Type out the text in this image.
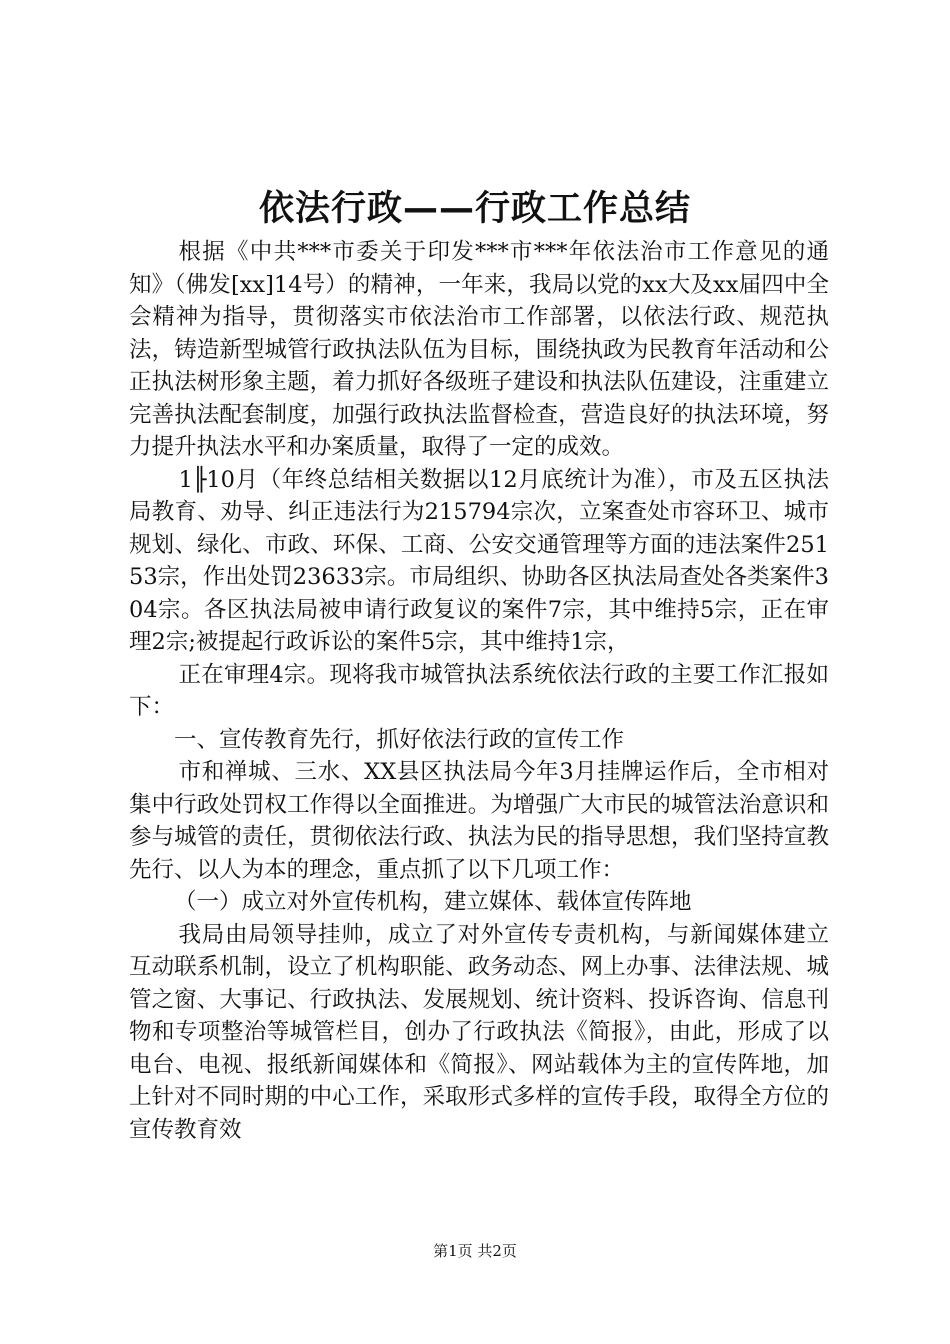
依法行政——行政工作总结

根据《中共***市委关于印发***市***年依法治市工作意见的通知》（佛发[xx]14号）的精神，一年来，我局以党的xx大及xx届四中全会精神为指导，贯彻落实市依法治市工作部署，以依法行政、规范执法，铸造新型城管行政执法队伍为目标，围绕执政为民教育年活动和公正执法树形象主题，着力抓好各级班子建设和执法队伍建设，注重建立完善执法配套制度，加强行政执法监督检查，营造良好的执法环境，努力提升执法水平和办案质量，取得了一定的成效。

1╟10月（年终总结相关数据以12月底统计为准），市及五区执法局教育、劝导、纠正违法行为215794宗次，立案查处市容环卫、城市规划、绿化、市政、环保、工商、公安交通管理等方面的违法案件25153宗，作出处罚23633宗。市局组织、协助各区执法局查处各类案件304宗。各区执法局被申请行政复议的案件7宗，其中维持5宗，正在审理2宗;被提起行政诉讼的案件5宗，其中维持1宗，

正在审理4宗。现将我市城管执法系统依法行政的主要工作汇报如下：

一、宣传教育先行，抓好依法行政的宣传工作

市和禅城、三水、XX县区执法局今年3月挂牌运作后，全市相对集中行政处罚权工作得以全面推进。为增强广大市民的城管法治意识和参与城管的责任，贯彻依法行政、执法为民的指导思想，我们坚持宣教先行、以人为本的理念，重点抓了以下几项工作：

（一）成立对外宣传机构，建立媒体、载体宣传阵地

我局由局领导挂帅，成立了对外宣传专责机构，与新闻媒体建立互动联系机制，设立了机构职能、政务动态、网上办事、法律法规、城管之窗、大事记、行政执法、发展规划、统计资料、投诉咨询、信息刊物和专项整治等城管栏目，创办了行政执法《简报》，由此，形成了以电台、电视、报纸新闻媒体和《简报》、网站载体为主的宣传阵地，加上针对不同时期的中心工作，采取形式多样的宣传手段，取得全方位的宣传教育效

第1页 共2页
